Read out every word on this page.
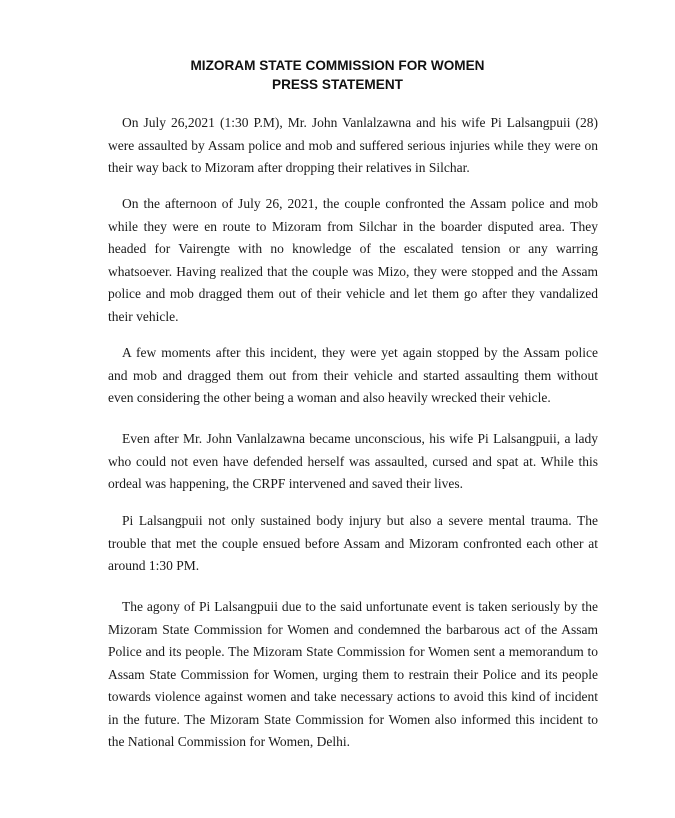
MIZORAM STATE COMMISSION FOR WOMEN
PRESS STATEMENT

On July 26,2021 (1:30 P.M), Mr. John Vanlalzawna and his wife Pi Lalsangpuii (28) were assaulted by Assam police and mob and suffered serious injuries while they were on their way back to Mizoram after dropping their relatives in Silchar.

On the afternoon of July 26, 2021, the couple confronted the Assam police and mob while they were en route to Mizoram from Silchar in the boarder disputed area. They headed for Vairengte with no knowledge of the escalated tension or any warring whatsoever. Having realized that the couple was Mizo, they were stopped and the Assam police and mob dragged them out of their vehicle and let them go after they vandalized their vehicle.

A few moments after this incident, they were yet again stopped by the Assam police and mob and dragged them out from their vehicle and started assaulting them without even considering the other being a woman and also heavily wrecked their vehicle.

Even after Mr. John Vanlalzawna became unconscious, his wife Pi Lalsangpuii, a lady who could not even have defended herself was assaulted, cursed and spat at. While this ordeal was happening, the CRPF intervened and saved their lives.

Pi Lalsangpuii not only sustained body injury but also a severe mental trauma. The trouble that met the couple ensued before Assam and Mizoram confronted each other at around 1:30 PM.

The agony of Pi Lalsangpuii due to the said unfortunate event is taken seriously by the Mizoram State Commission for Women and condemned the barbarous act of the Assam Police and its people. The Mizoram State Commission for Women sent a memorandum to Assam State Commission for Women, urging them to restrain their Police and its people towards violence against women and take necessary actions to avoid this kind of incident in the future. The Mizoram State Commission for Women also informed this incident to the National Commission for Women, Delhi.
